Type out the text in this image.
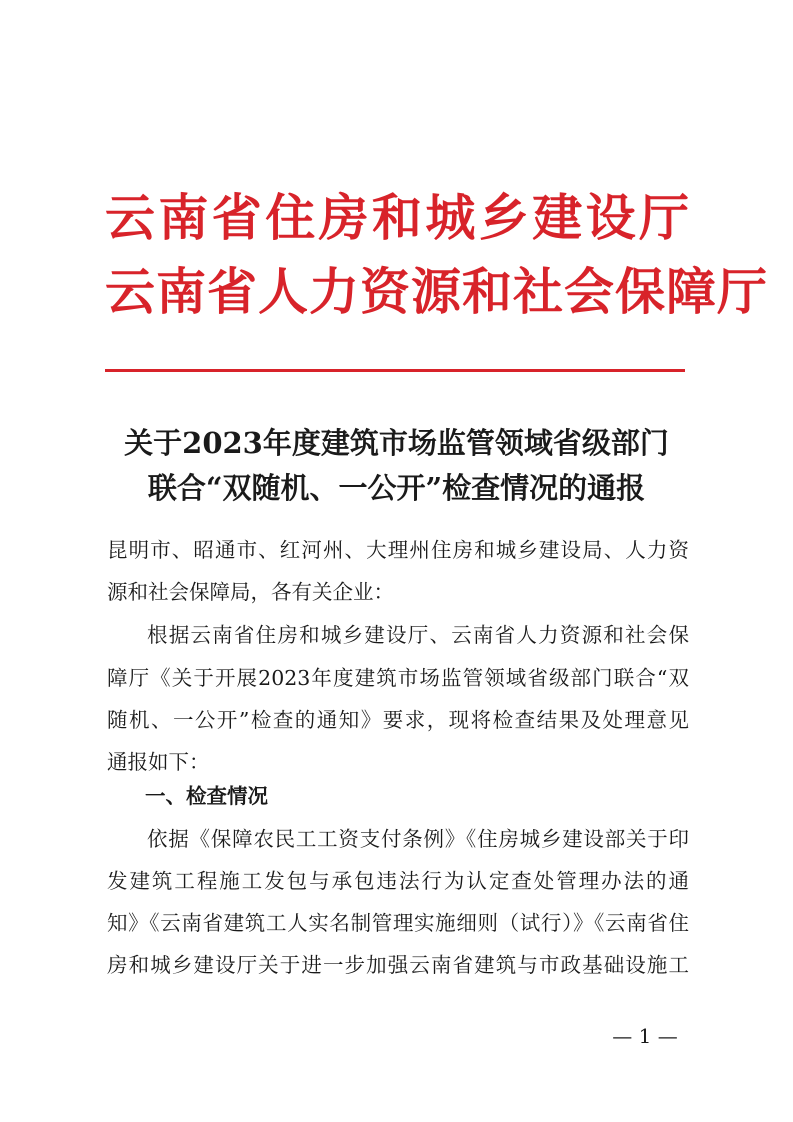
云南省住房和城乡建设厅
云南省人力资源和社会保障厅
关于2023年度建筑市场监管领域省级部门
联合“双随机、一公开”检查情况的通报
昆明市、昭通市、红河州、大理州住房和城乡建设局、人力资
源和社会保障局，各有关企业：
根据云南省住房和城乡建设厅、云南省人力资源和社会保
障厅《关于开展2023年度建筑市场监管领域省级部门联合“双
随机、一公开”检查的通知》要求，现将检查结果及处理意见
通报如下：
一、检查情况
依据《保障农民工工资支付条例》《住房城乡建设部关于印
发建筑工程施工发包与承包违法行为认定查处管理办法的通
知》《云南省建筑工人实名制管理实施细则（试行）》《云南省住
房和城乡建设厅关于进一步加强云南省建筑与市政基础设施工
— 1 —
